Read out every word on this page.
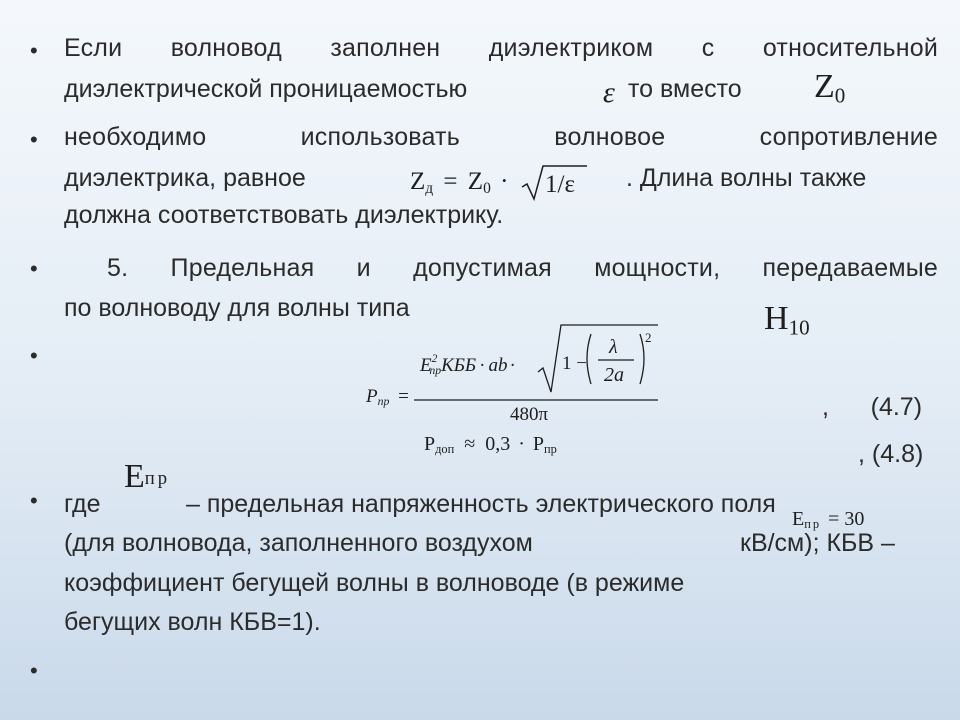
•
•
•
•
•
•
Если волновод заполнен диэлектриком с относительной
диэлектрической проницаемостью	то вместо
ε	$Z_0$
необходимо использовать волновое сопротивление
диэлектрика, равное	. Длина волны также
должна соответствовать диэлектрику.
$Z_д = Z_0 \cdot 1/\varepsilon$
5. Предельная и допустимая мощности, передаваемые
по волноводу для волны типа	$H_{10}$
$P_{пр}$ =
$E^2_{пр}КББ$ · ab · 1 −
λ
2a
2
480π	,      (4.7)
$P_{доп} \approx 0,3 \cdot P_{пр}$	, (4.8)
$Е_{пр}$
где	– предельная напряженность электрического поля
(для волновода, заполненного воздухом	кВ/см); КБВ –
$Е_{пр} = 30$
коэффициент бегущей волны в волноводе (в режиме
бегущих волн КБВ=1).
